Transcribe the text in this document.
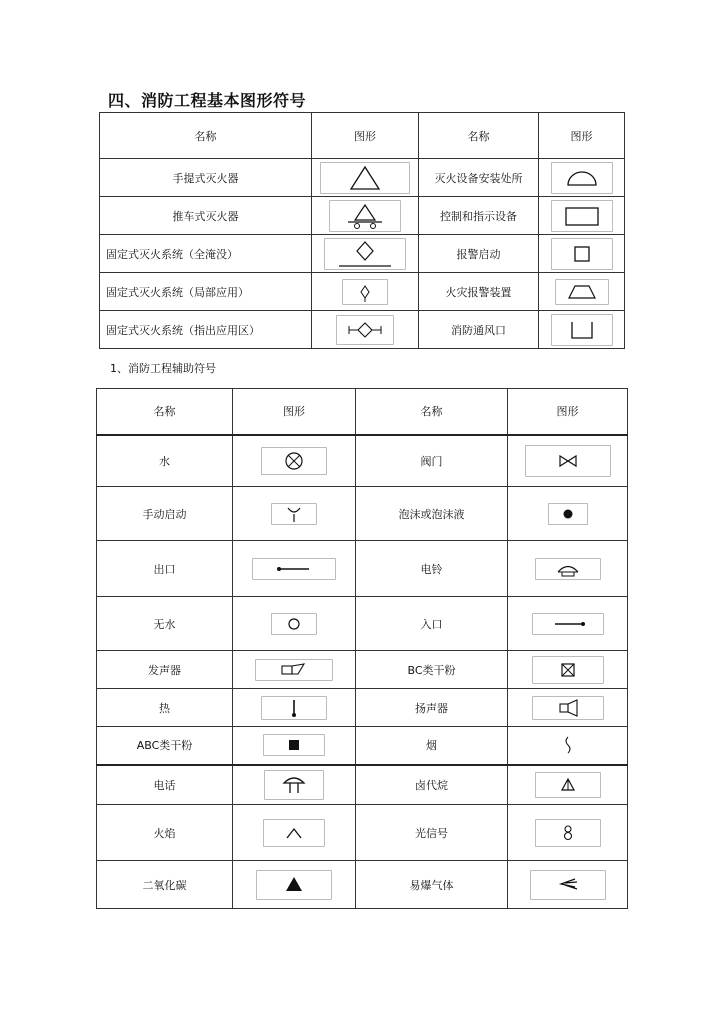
四、消防工程基本图形符号
名称	图形	名称	图形
手提式灭火器		灭火设备安装处所	

推车式灭火器		控制和指示设备	

固定式灭火系统（全淹没）		报警启动	

固定式灭火系统（局部应用）		火灾报警装置	

固定式灭火系统（指出应用区）		消防通风口	
1、消防工程辅助符号
名称	图形	名称	图形
水		阀门	

手动启动		泡沫或泡沫液	

出口		电铃	

无水		入口	

发声器		BC类干粉	

热		扬声器	

ABC类干粉		烟	

电话		卤代烷	

火焰		光信号	

二氧化碳		易爆气体	
